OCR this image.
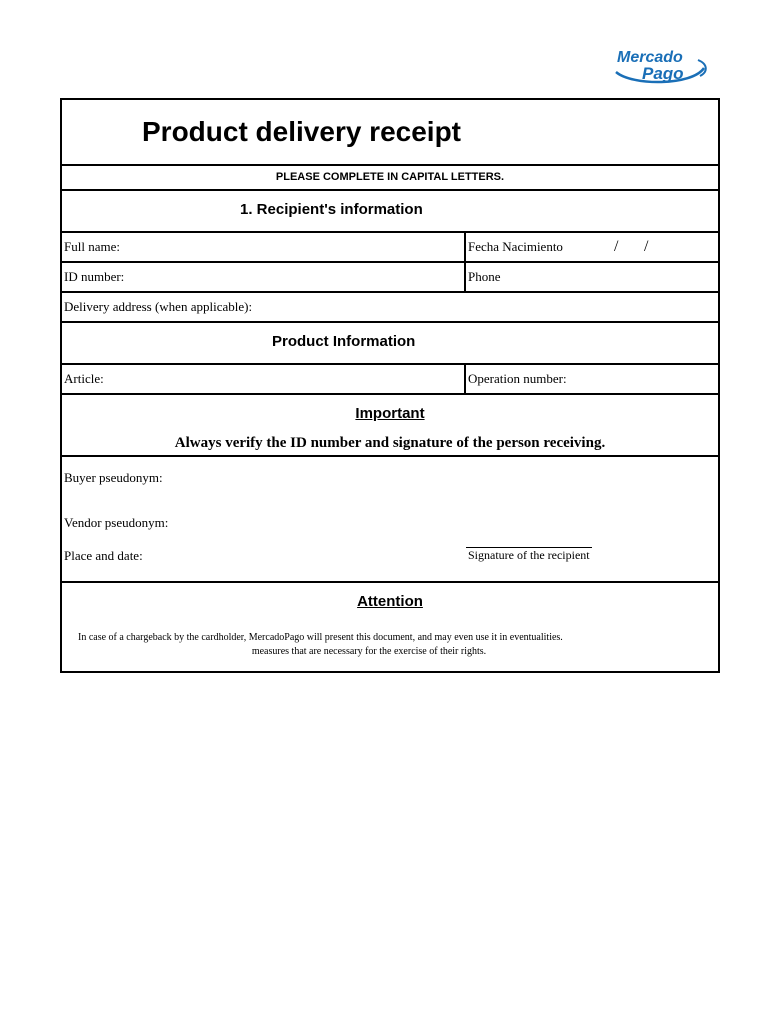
Mercado
Pago
Product delivery receipt
PLEASE COMPLETE IN CAPITAL LETTERS.
1. Recipient's information
Full name:	Fecha Nacimiento	/ /
ID number:	Phone
Delivery address (when applicable):
Product Information
Article:	Operation number:
Important
Always verify the ID number and signature of the person receiving.
Buyer pseudonym:
Vendor pseudonym:
Place and date:	Signature of the recipient
Attention
In case of a chargeback by the cardholder, MercadoPago will present this document, and may even use it in eventualities.
measures that are necessary for the exercise of their rights.
